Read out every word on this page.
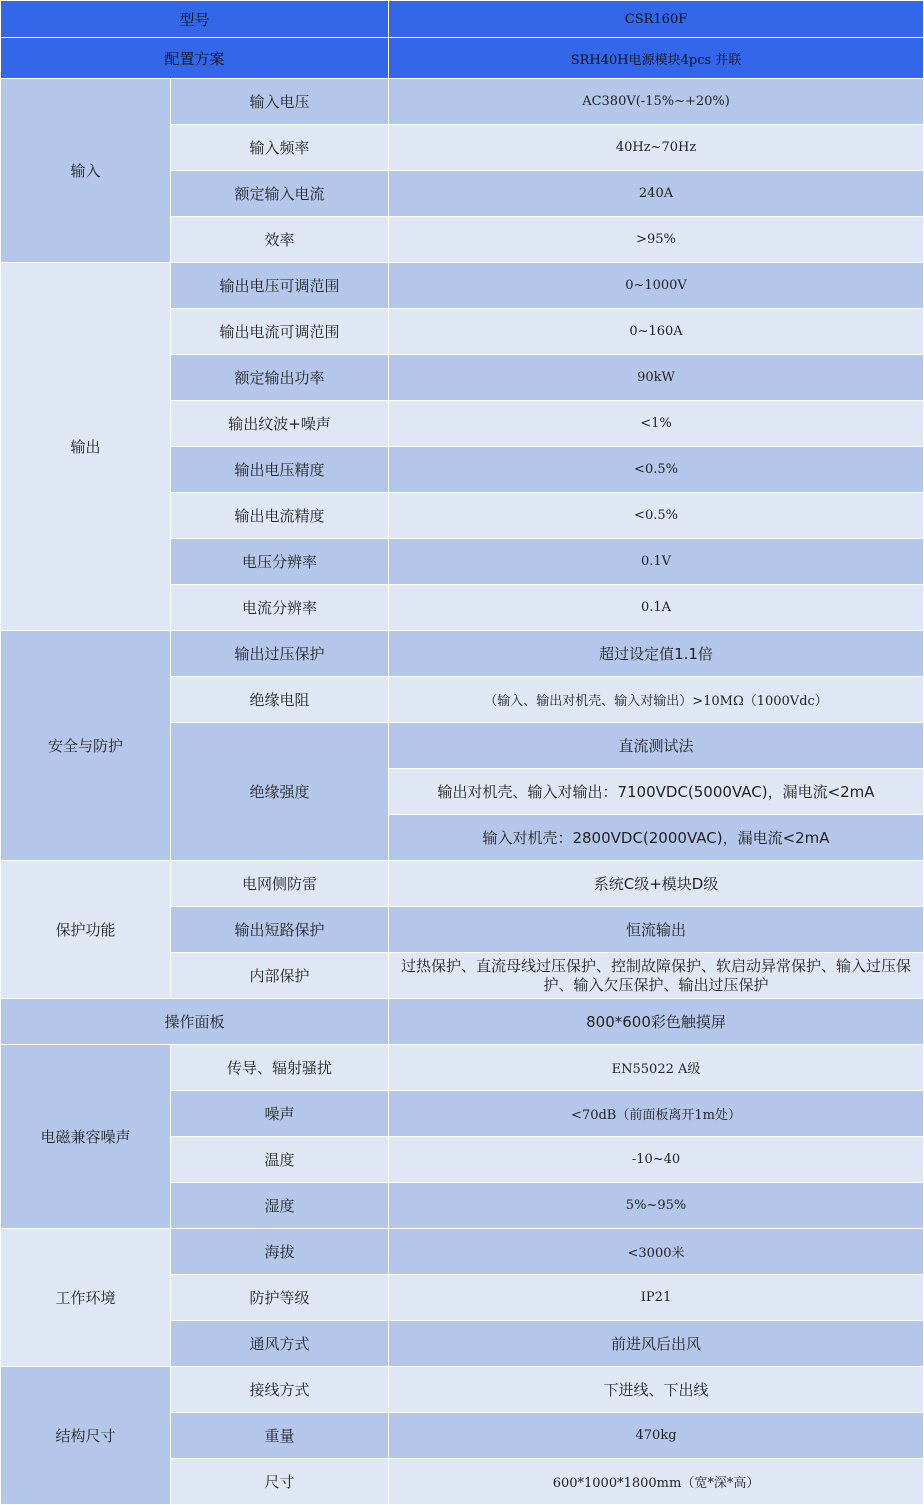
型号		CSR160F
配置方案		SRH40H电源模块4pcs 并联
输入	输入电压	AC380V(-15%~+20%)
	输入频率	40Hz~70Hz
	额定输入电流	240A
	效率	>95%
输出	输出电压可调范围	0~1000V
	输出电流可调范围	0~160A
	额定输出功率	90kW
	输出纹波+噪声	<1%
	输出电压精度	<0.5%
	输出电流精度	<0.5%
	电压分辨率	0.1V
	电流分辨率	0.1A
安全与防护	输出过压保护	超过设定值1.1倍
	绝缘电阻	（输入、输出对机壳、输入对输出）>10MΩ（1000Vdc）
	绝缘强度	直流测试法
		输出对机壳、输入对输出：7100VDC(5000VAC)，漏电流<2mA
		输入对机壳：2800VDC(2000VAC)，漏电流<2mA
保护功能	电网侧防雷	系统C级+模块D级
	输出短路保护	恒流输出
	内部保护	过热保护、直流母线过压保护、控制故障保护、软启动异常保护、输入过压保护、输入欠压保护、输出过压保护
操作面板		800*600彩色触摸屏
电磁兼容噪声	传导、辐射骚扰	EN55022 A级
	噪声	<70dB（前面板离开1m处）
	温度	-10~40
	湿度	5%~95%
工作环境	海拔	<3000米
	防护等级	IP21
	通风方式	前进风后出风
结构尺寸	接线方式	下进线、下出线
	重量	470kg
	尺寸	600*1000*1800mm（宽*深*高）
